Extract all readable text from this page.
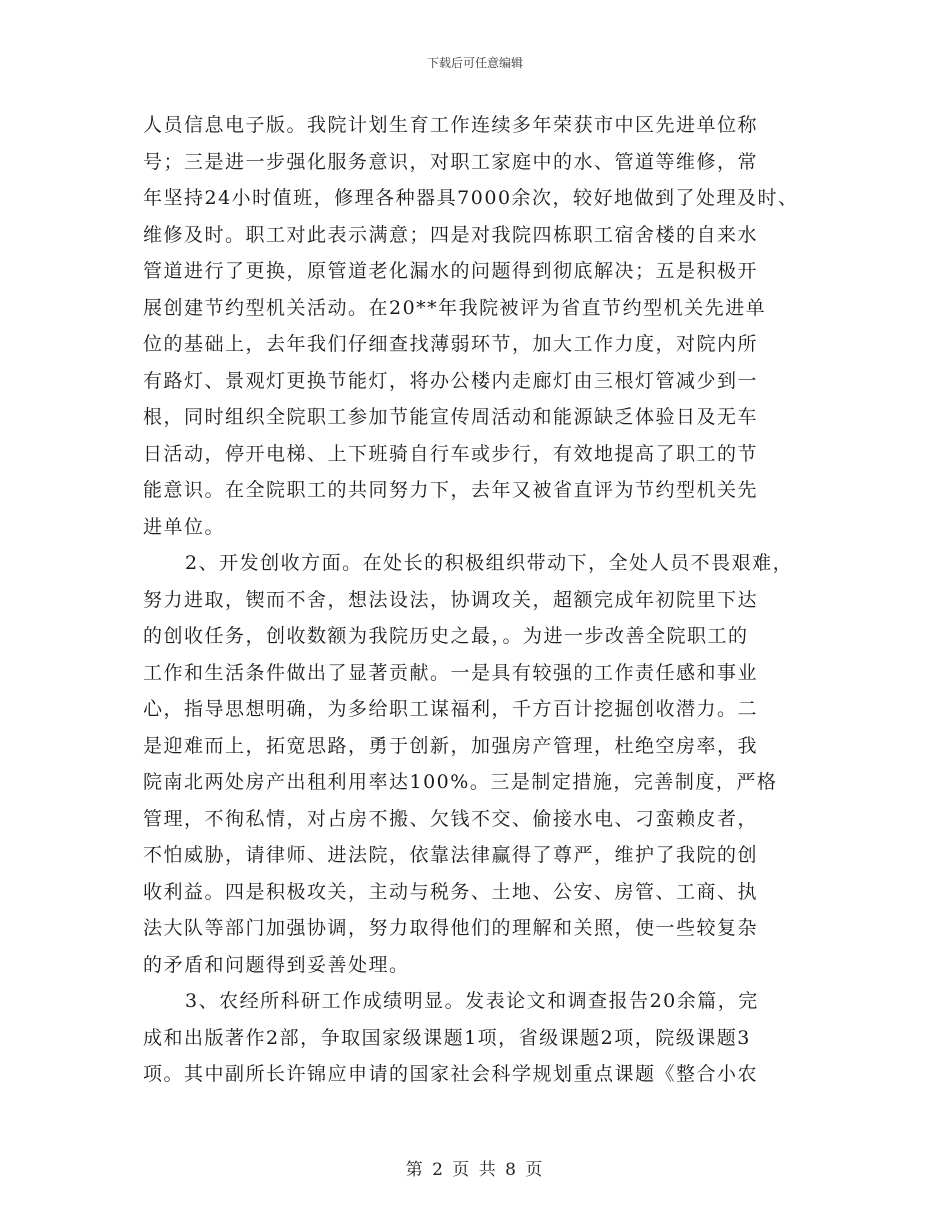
下载后可任意编辑
人员信息电子版。我院计划生育工作连续多年荣获市中区先进单位称
号；三是进一步强化服务意识，对职工家庭中的水、管道等维修，常
年坚持24小时值班，修理各种器具7000余次，较好地做到了处理及时、
维修及时。职工对此表示满意；四是对我院四栋职工宿舍楼的自来水
管道进行了更换，原管道老化漏水的问题得到彻底解决；五是积极开
展创建节约型机关活动。在20**年我院被评为省直节约型机关先进单
位的基础上，去年我们仔细查找薄弱环节，加大工作力度，对院内所
有路灯、景观灯更换节能灯，将办公楼内走廊灯由三根灯管减少到一
根，同时组织全院职工参加节能宣传周活动和能源缺乏体验日及无车
日活动，停开电梯、上下班骑自行车或步行，有效地提高了职工的节
能意识。在全院职工的共同努力下，去年又被省直评为节约型机关先
进单位。
2、开发创收方面。在处长的积极组织带动下，全处人员不畏艰难，
努力进取，锲而不舍，想法设法，协调攻关，超额完成年初院里下达
的创收任务，创收数额为我院历史之最，。为进一步改善全院职工的
工作和生活条件做出了显著贡献。一是具有较强的工作责任感和事业
心，指导思想明确，为多给职工谋福利，千方百计挖掘创收潜力。二
是迎难而上，拓宽思路，勇于创新，加强房产管理，杜绝空房率，我
院南北两处房产出租利用率达100%。三是制定措施，完善制度，严格
管理，不徇私情，对占房不搬、欠钱不交、偷接水电、刁蛮赖皮者，
不怕威胁，请律师、进法院，依靠法律赢得了尊严，维护了我院的创
收利益。四是积极攻关，主动与税务、土地、公安、房管、工商、执
法大队等部门加强协调，努力取得他们的理解和关照，使一些较复杂
的矛盾和问题得到妥善处理。
3、农经所科研工作成绩明显。发表论文和调查报告20余篇，完
成和出版著作2部，争取国家级课题1项，省级课题2项，院级课题3
项。其中副所长许锦应申请的国家社会科学规划重点课题《整合小农
第 2 页 共 8 页
